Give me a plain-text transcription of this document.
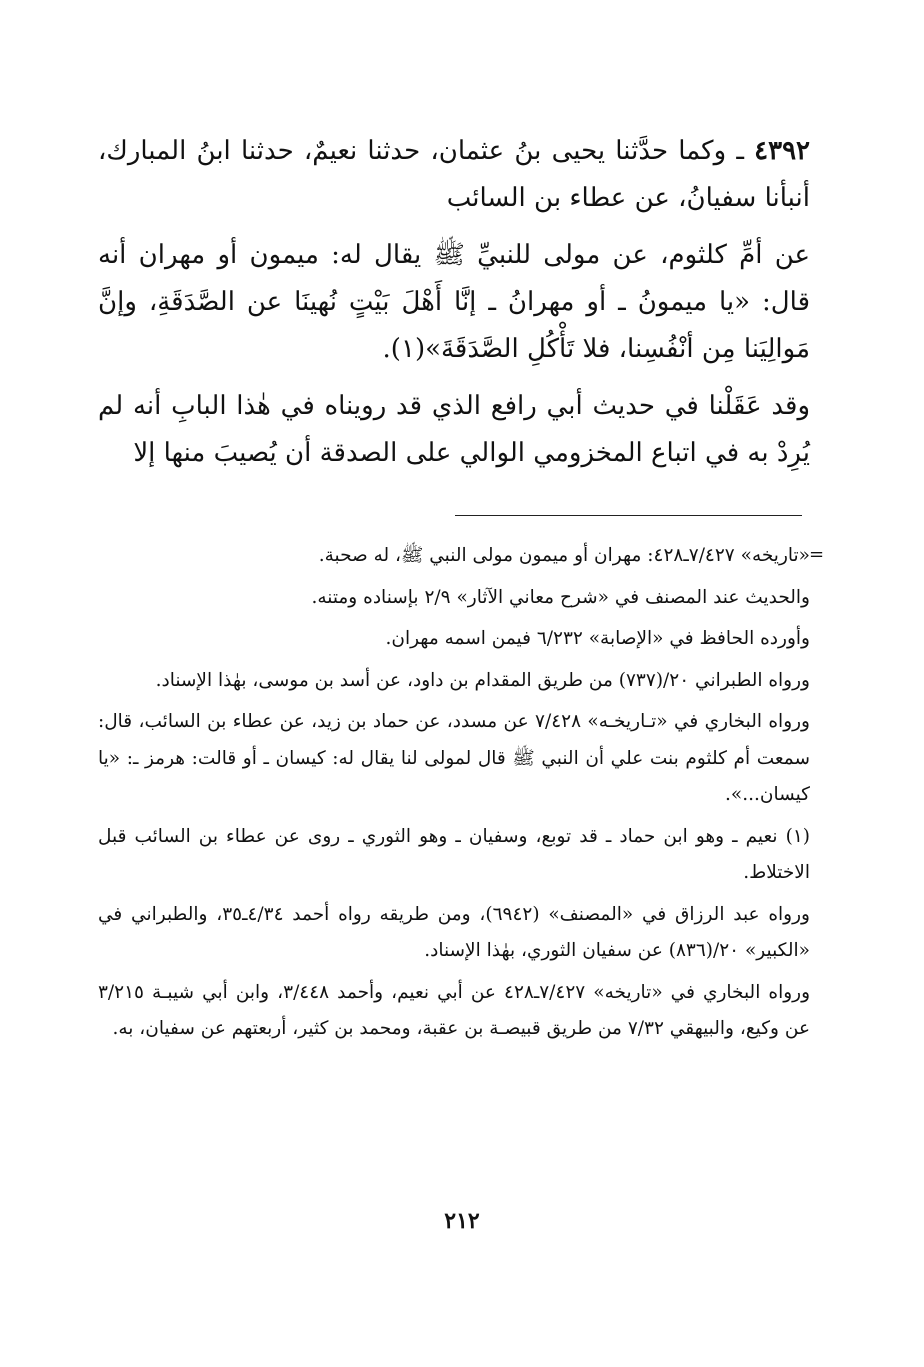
٤٣٩٢ ـ وكما حدَّثنا يحيى بنُ عثمان، حدثنا نعيمٌ، حدثنا ابنُ المبارك، أنبأنا سفيانُ، عن عطاء بن السائب

عن أمِّ كلثوم، عن مولى للنبيِّ ﷺ يقال له: ميمون أو مهران أنه قال: «يا ميمونُ ـ أو مهرانُ ـ إنَّا أَهْلَ بَيْتٍ نُهينَا عن الصَّدَقَةِ، وإنَّ مَوالِيَنا مِن أنْفُسِنا، فلا تَأْكُلِ الصَّدَقَةَ»(١).

وقد عَقَلْنا في حديث أبي رافع الذي قد رويناه في هٰذا البابِ أنه لم يُرِدْ به في اتباع المخزومي الوالي على الصدقة أن يُصيبَ منها إلا

=

«تاريخه» ٧/٤٢٧ـ٤٢٨: مهران أو ميمون مولى النبي ﷺ، له صحبة.

والحديث عند المصنف في «شرح معاني الآثار» ٢/٩ بإسناده ومتنه.

وأورده الحافظ في «الإصابة» ٦/٢٣٢ فيمن اسمه مهران.

ورواه الطبراني ٢٠/(٧٣٧) من طريق المقدام بن داود، عن أسد بن موسى، بهٰذا الإسناد.

ورواه البخاري في «تـاريخـه» ٧/٤٢٨ عن مسدد، عن حماد بن زيد، عن عطاء بن السائب، قال: سمعت أم كلثوم بنت علي أن النبي ﷺ قال لمولى لنا يقال له: كيسان ـ أو قالت: هرمز ـ: «يا كيسان...».

(١) نعيم ـ وهو ابن حماد ـ قد توبع، وسفيان ـ وهو الثوري ـ روى عن عطاء بن السائب قبل الاختلاط.

ورواه عبد الرزاق في «المصنف» (٦٩٤٢)، ومن طريقه رواه أحمد ٤/٣٤ـ٣٥، والطبراني في «الكبير» ٢٠/(٨٣٦) عن سفيان الثوري، بهٰذا الإسناد.

ورواه البخاري في «تاريخه» ٧/٤٢٧ـ٤٢٨ عن أبي نعيم، وأحمد ٣/٤٤٨، وابن أبي شيبـة ٣/٢١٥ عن وكيع، والبيهقي ٧/٣٢ من طريق قبيصـة بن عقبة، ومحمد بن كثير، أربعتهم عن سفيان، به.

٢١٢
